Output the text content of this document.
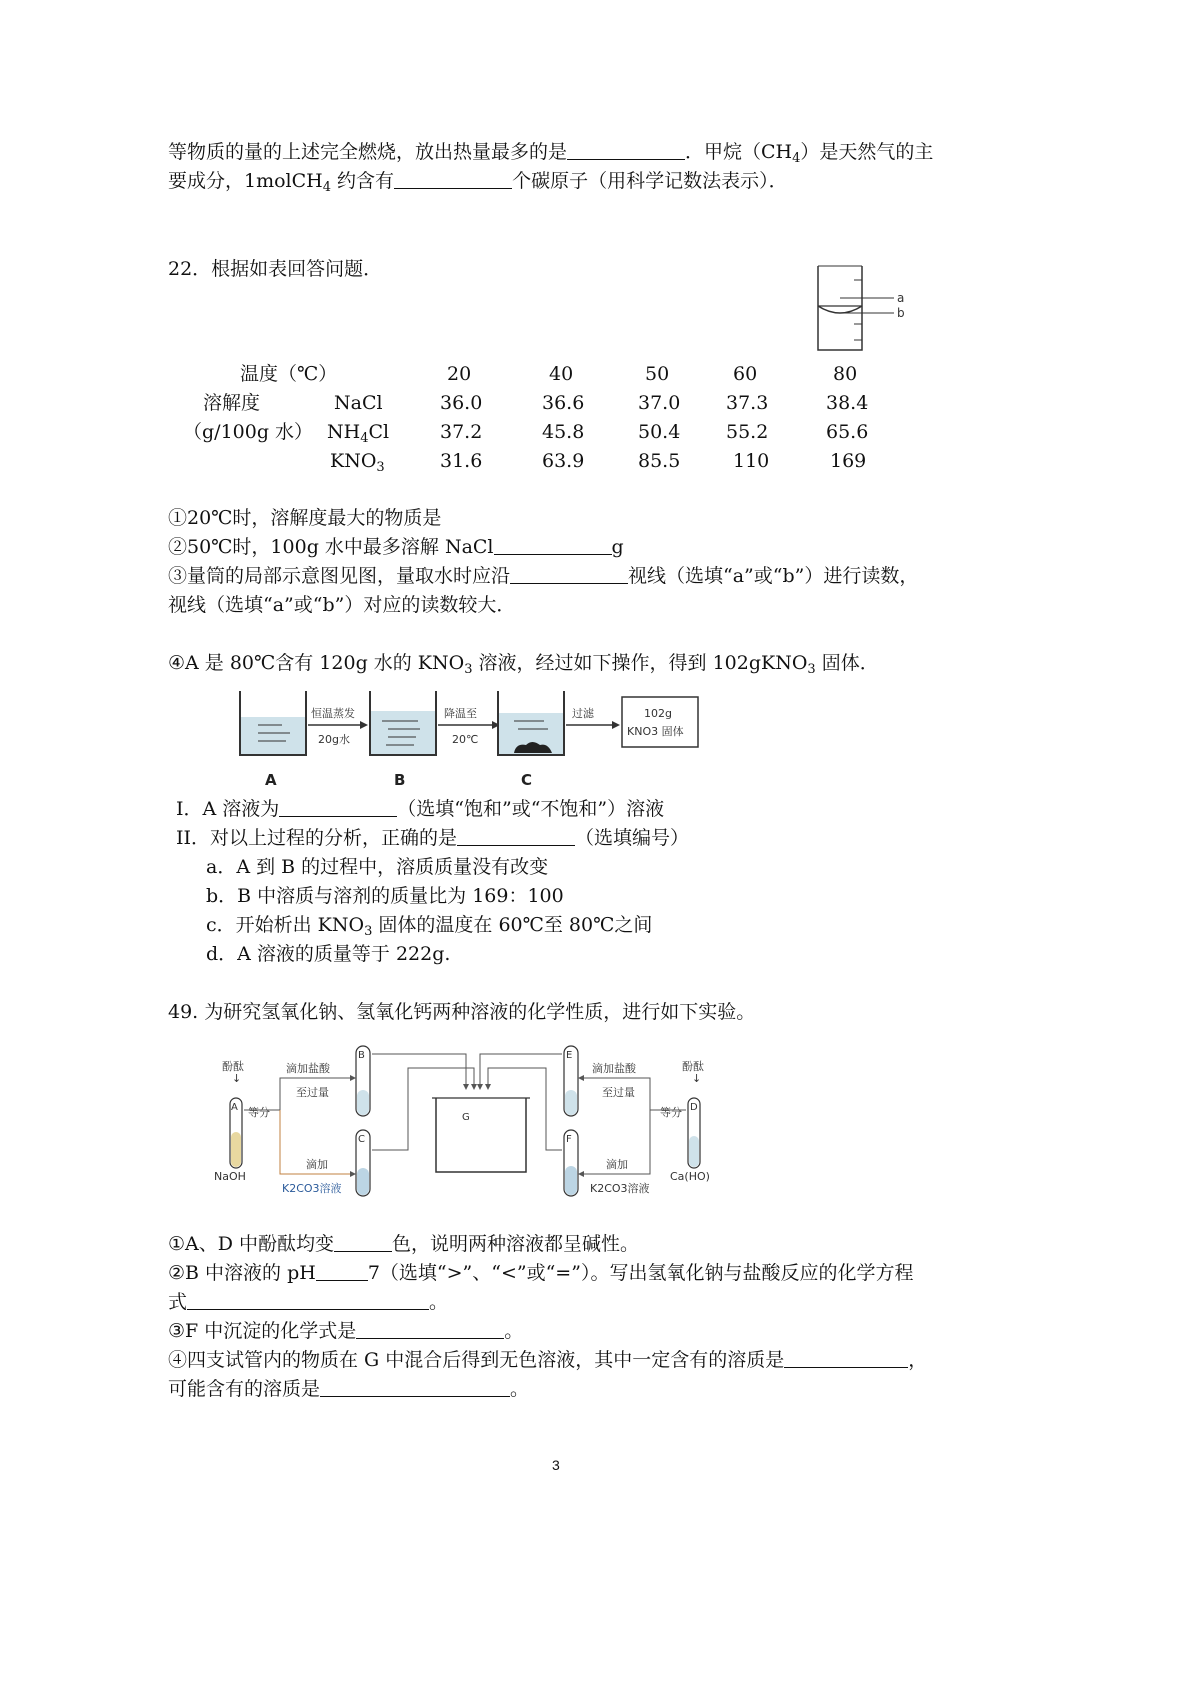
等物质的量的上述完全燃烧，放出热量最多的是	．甲烷$(CH_4)$是天然气的主
要成分，1molCH$_4$ 约含有	个碳原子（用科学记数法表示）．
22．根据如表回答问题．
a
b
温度（℃）	20	40	50	60	80
溶解度
（g/100g 水）
NaCl	36.0	36.6	37.0 37.3	38.4
$NH_4Cl$	37.2	45.8	50.4 55.2	65.6
$KNO_3$	31.6	63.9	85.5	110	169
①20℃时，溶解度最大的物质是
②50℃时，100g 水中最多溶解 NaCl	g
③量筒的局部示意图见图，量取水时应沿	视线（选填“a”或“b”）进行读数，
视线（选填“a”或“b”）对应的读数较大．
④A 是 80℃含有 120g 水的 $KNO_3$ 溶液，经过如下操作，得到 102gKNO$_3$ 固体．
恒温蒸发
20g水
降温至
20℃
过滤	102g
KNO3 固体
A	B	C
I．A 溶液为	（选填“饱和”或“不饱和”）溶液
II．对以上过程的分析，正确的是	（选填编号）
a．A 到 B 的过程中，溶质质量没有改变
b．B 中溶质与溶剂的质量比为 169：100
c．开始析出 $KNO_3$ 固体的温度在 60℃至 80℃之间
d．A 溶液的质量等于 222g.
49. 为研究氢氧化钠、氢氧化钙两种溶液的化学性质，进行如下实验。
酚酞
↓
滴加盐酸
至过量
等分
滴加
NaOH
K2CO3溶液
酚酞
↓
滴加盐酸
至过量
等分
滴加
Ca(HO)
K2CO3溶液
A
B
C
G
E
F
D
①A、D 中酚酞均变	色，说明两种溶液都呈碱性。
②B 中溶液的 pH	7（选填“>”、“<”或“=”）。写出氢氧化钠与盐酸反应的化学方程
式	。
③F 中沉淀的化学式是	。
④四支试管内的物质在 G 中混合后得到无色溶液，其中一定含有的溶质是	，
可能含有的溶质是	。
3
